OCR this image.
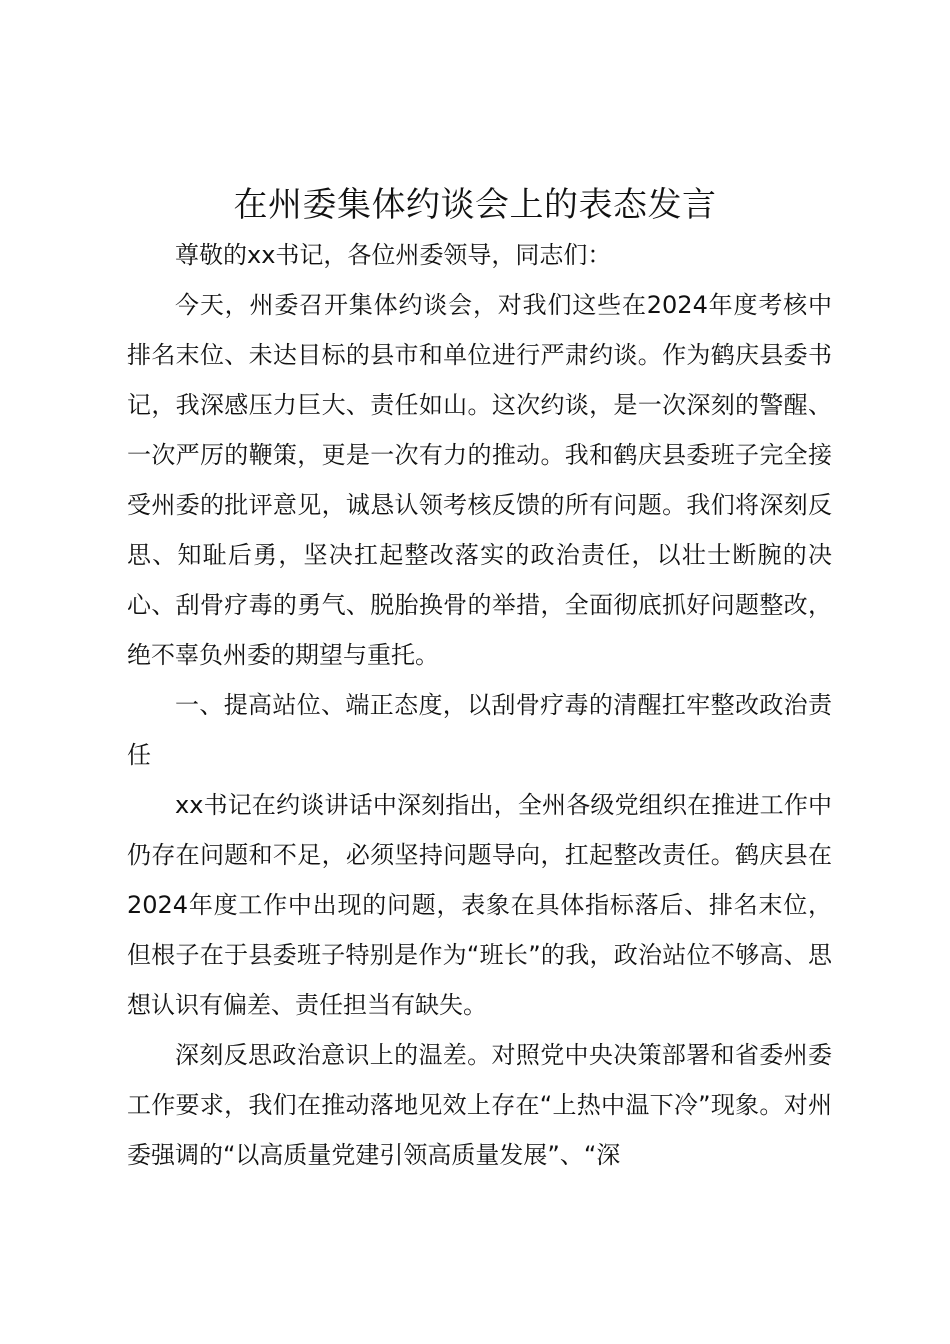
在州委集体约谈会上的表态发言

尊敬的xx书记，各位州委领导，同志们：

今天，州委召开集体约谈会，对我们这些在2024年度考核中排名末位、未达目标的县市和单位进行严肃约谈。作为鹤庆县委书记，我深感压力巨大、责任如山。这次约谈，是一次深刻的警醒、一次严厉的鞭策，更是一次有力的推动。我和鹤庆县委班子完全接受州委的批评意见，诚恳认领考核反馈的所有问题。我们将深刻反思、知耻后勇，坚决扛起整改落实的政治责任，以壮士断腕的决心、刮骨疗毒的勇气、脱胎换骨的举措，全面彻底抓好问题整改，绝不辜负州委的期望与重托。

一、提高站位、端正态度，以刮骨疗毒的清醒扛牢整改政治责任

xx书记在约谈讲话中深刻指出，全州各级党组织在推进工作中仍存在问题和不足，必须坚持问题导向，扛起整改责任。鹤庆县在2024年度工作中出现的问题，表象在具体指标落后、排名末位，但根子在于县委班子特别是作为“班长”的我，政治站位不够高、思想认识有偏差、责任担当有缺失。

深刻反思政治意识上的温差。对照党中央决策部署和省委州委工作要求，我们在推动落地见效上存在“上热中温下冷”现象。对州委强调的“以高质量党建引领高质量发展”、“深
